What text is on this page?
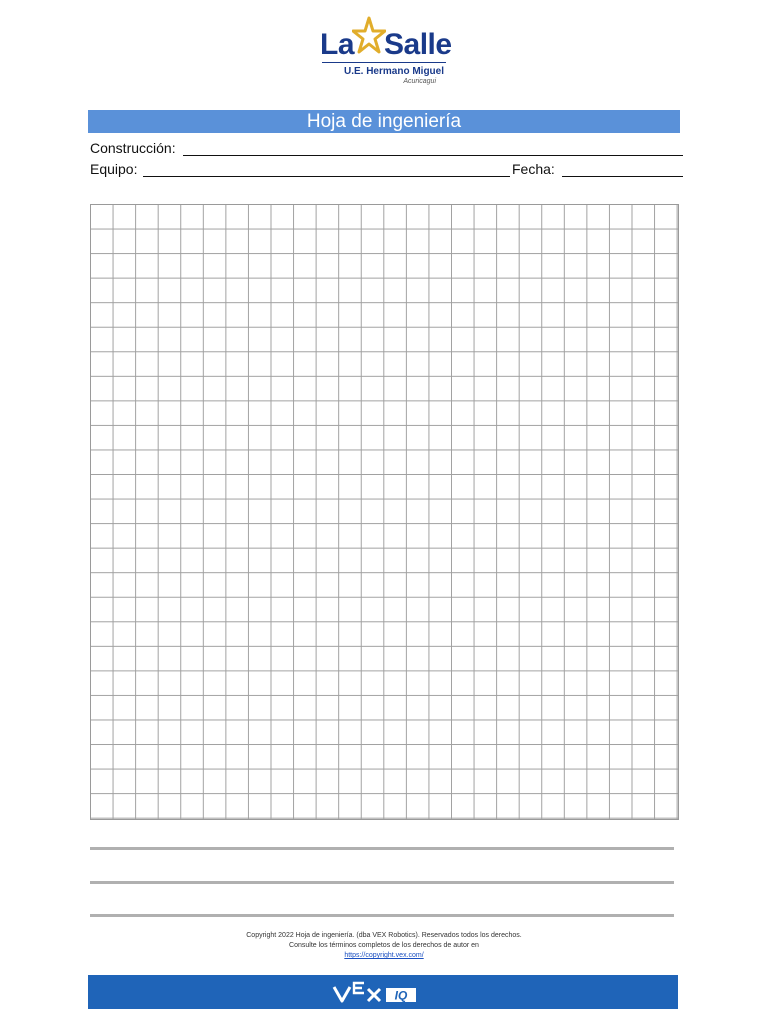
La Salle
U.E. Hermano Miguel
Acuricagui
Hoja de ingeniería
Construcción:
Equipo:	Fecha:
Copyright 2022 Hoja de ingeniería. (dba VEX Robotics). Reservados todos los derechos.
Consulte los términos completos de los derechos de autor en
https://copyright.vex.com/
IQ
